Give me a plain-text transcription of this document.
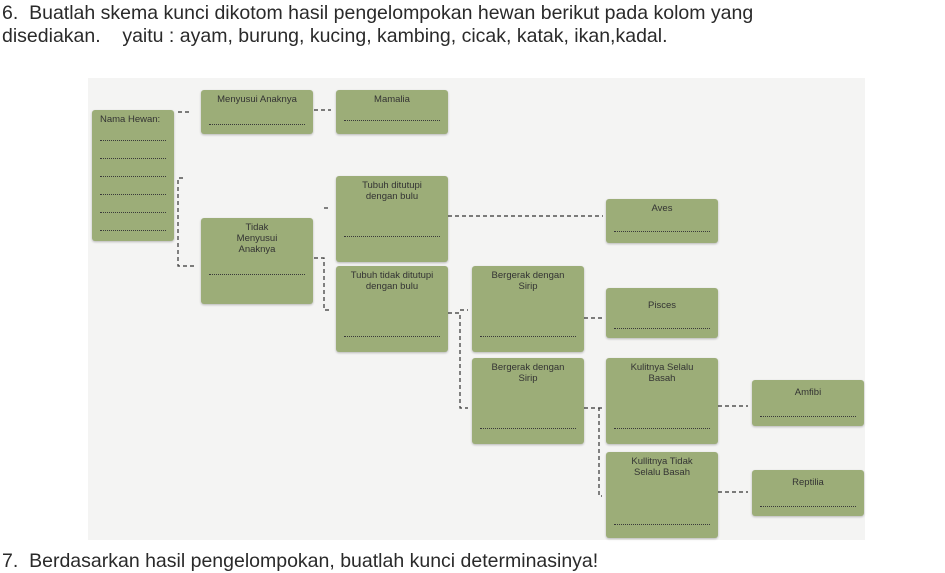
6.  Buatlah skema kunci dikotom hasil pengelompokan hewan berikut pada kolom yang
disediakan.    yaitu : ayam, burung, kucing, kambing, cicak, katak, ikan,kadal.
Nama Hewan:
Menyusui Anaknya	Mamalia
Tidak Menyusui Anaknya
Tubuh ditutupi dengan bulu
Aves
Tubuh tidak ditutupi dengan bulu
Bergerak dengan Sirip
Pisces
Bergerak dengan Sirip
Kulitnya Selalu Basah
Amfibi
Kullitnya Tidak Selalu Basah
Reptilia
7.  Berdasarkan hasil pengelompokan, buatlah kunci determinasinya!
